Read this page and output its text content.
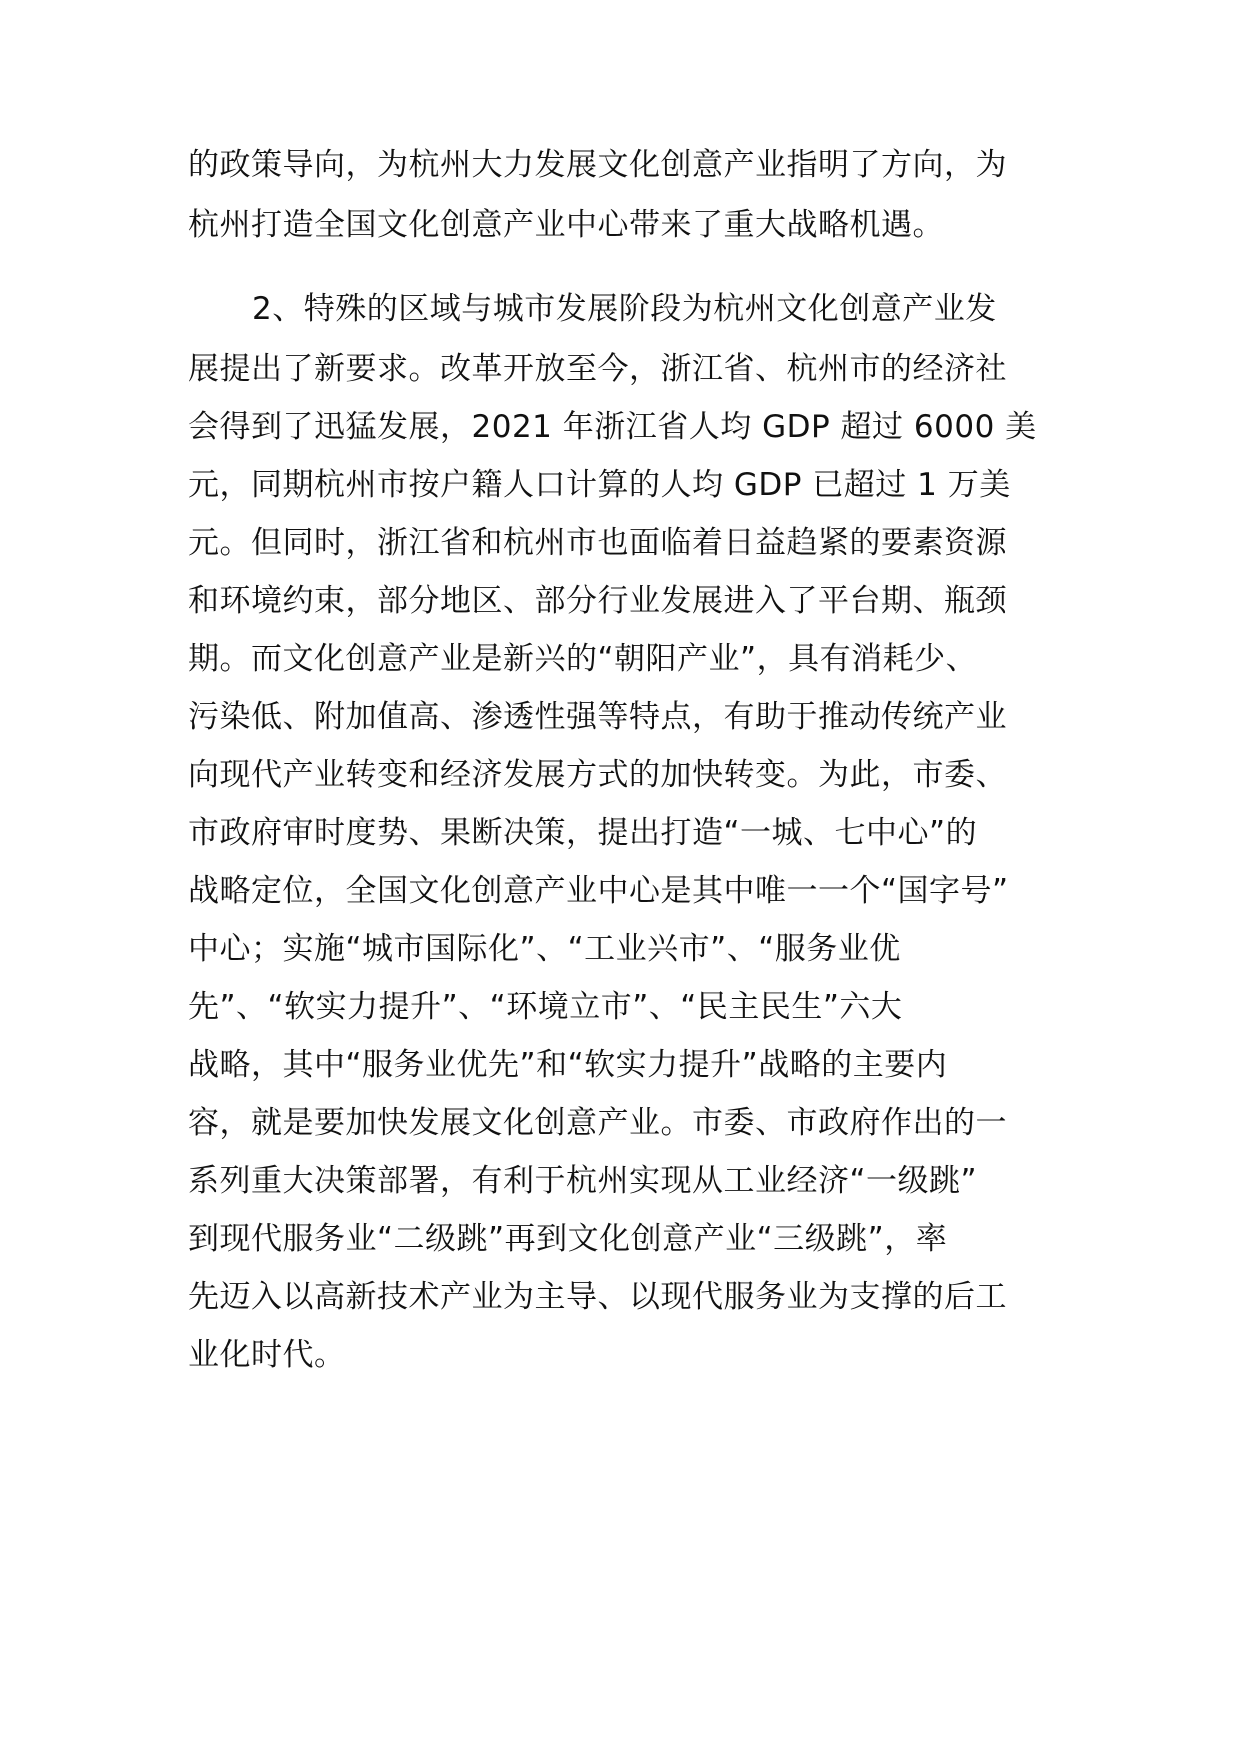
的政策导向，为杭州大力发展文化创意产业指明了方向，为
杭州打造全国文化创意产业中心带来了重大战略机遇。
2、特殊的区域与城市发展阶段为杭州文化创意产业发
展提出了新要求。改革开放至今，浙江省、杭州市的经济社
会得到了迅猛发展，2021 年浙江省人均 GDP 超过 6000 美
元，同期杭州市按户籍人口计算的人均 GDP 已超过 1 万美
元。但同时，浙江省和杭州市也面临着日益趋紧的要素资源
和环境约束，部分地区、部分行业发展进入了平台期、瓶颈
期。而文化创意产业是新兴的“朝阳产业”，具有消耗少、
污染低、附加值高、渗透性强等特点，有助于推动传统产业
向现代产业转变和经济发展方式的加快转变。为此，市委、
市政府审时度势、果断决策，提出打造“一城、七中心”的
战略定位，全国文化创意产业中心是其中唯一一个“国字号”
中心；实施“城市国际化”、“工业兴市”、“服务业优
先”、“软实力提升”、“环境立市”、“民主民生”六大
战略，其中“服务业优先”和“软实力提升”战略的主要内
容，就是要加快发展文化创意产业。市委、市政府作出的一
系列重大决策部署，有利于杭州实现从工业经济“一级跳”
到现代服务业“二级跳”再到文化创意产业“三级跳”，率
先迈入以高新技术产业为主导、以现代服务业为支撑的后工
业化时代。
